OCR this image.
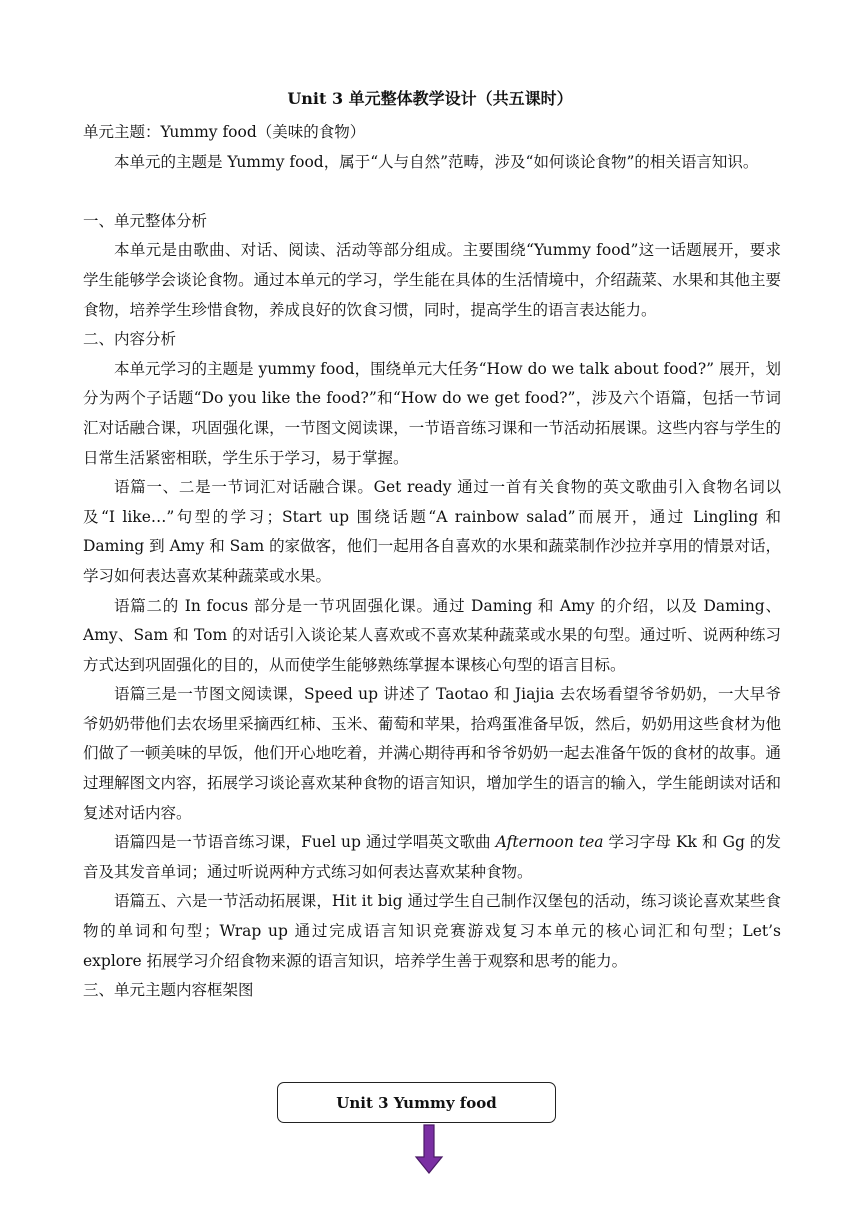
Unit 3 单元整体教学设计（共五课时）

单元主题：Yummy food（美味的食物）

本单元的主题是 Yummy food，属于“人与自然”范畴，涉及“如何谈论食物”的相关语言知识。

一、单元整体分析

本单元是由歌曲、对话、阅读、活动等部分组成。主要围绕“Yummy food”这一话题展开，要求学生能够学会谈论食物。通过本单元的学习，学生能在具体的生活情境中，介绍蔬菜、水果和其他主要食物，培养学生珍惜食物，养成良好的饮食习惯，同时，提高学生的语言表达能力。

二、内容分析

本单元学习的主题是 yummy food，围绕单元大任务“How do we talk about food?” 展开，划分为两个子话题“Do you like the food?”和“How do we get food?”，涉及六个语篇，包括一节词汇对话融合课，巩固强化课，一节图文阅读课，一节语音练习课和一节活动拓展课。这些内容与学生的日常生活紧密相联，学生乐于学习，易于掌握。

语篇一、二是一节词汇对话融合课。Get ready 通过一首有关食物的英文歌曲引入食物名词以及“I like…”句型的学习；Start up 围绕话题“A rainbow salad”而展开，通过 Lingling 和 Daming 到 Amy 和 Sam 的家做客，他们一起用各自喜欢的水果和蔬菜制作沙拉并享用的情景对话，学习如何表达喜欢某种蔬菜或水果。

语篇二的 In focus 部分是一节巩固强化课。通过 Daming 和 Amy 的介绍，以及 Daming、Amy、Sam 和 Tom 的对话引入谈论某人喜欢或不喜欢某种蔬菜或水果的句型。通过听、说两种练习方式达到巩固强化的目的，从而使学生能够熟练掌握本课核心句型的语言目标。

语篇三是一节图文阅读课，Speed up 讲述了 Taotao 和 Jiajia 去农场看望爷爷奶奶，一大早爷爷奶奶带他们去农场里采摘西红柿、玉米、葡萄和苹果，拾鸡蛋准备早饭，然后，奶奶用这些食材为他们做了一顿美味的早饭，他们开心地吃着，并满心期待再和爷爷奶奶一起去准备午饭的食材的故事。通过理解图文内容，拓展学习谈论喜欢某种食物的语言知识，增加学生的语言的输入，学生能朗读对话和复述对话内容。

语篇四是一节语音练习课，Fuel up 通过学唱英文歌曲 Afternoon tea 学习字母 Kk 和 Gg 的发音及其发音单词；通过听说两种方式练习如何表达喜欢某种食物。

语篇五、六是一节活动拓展课，Hit it big 通过学生自己制作汉堡包的活动，练习谈论喜欢某些食物的单词和句型；Wrap up 通过完成语言知识竞赛游戏复习本单元的核心词汇和句型；Let’s explore 拓展学习介绍食物来源的语言知识，培养学生善于观察和思考的能力。

三、单元主题内容框架图

Unit 3 Yummy food
